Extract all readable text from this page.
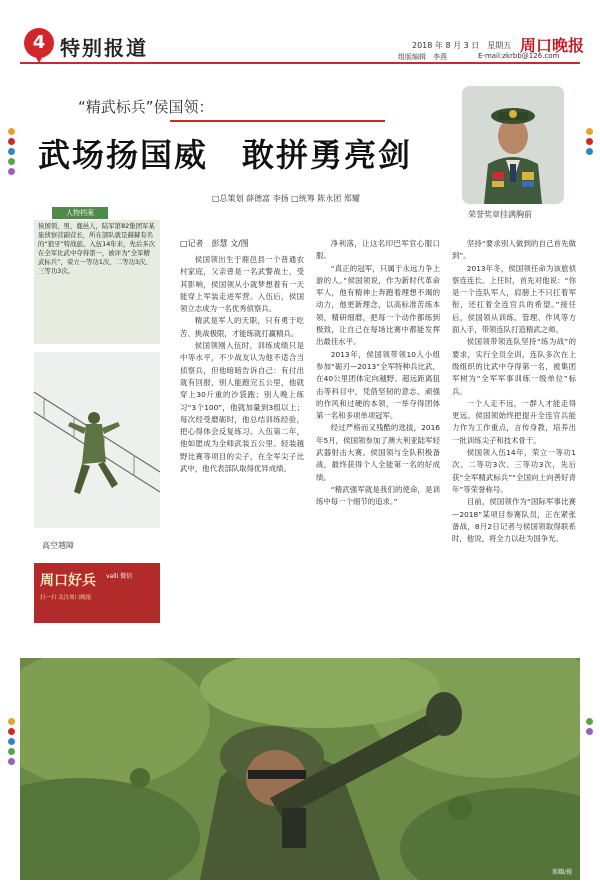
4 特别报道	2018 年 8 月 3 日　星期五 周口晚报
组版编辑　李燕	E-mail:zkrbb@126.com
“精武标兵”侯国领：
武场扬国威　敢拼勇亮剑
□总策划 薛德富 李扬 □统筹 陈永团 郑耀
荣誉奖章挂满胸前
人物档案
侯国领，男，鹿邑人，陆军第82集团军某旅侦察营副营长，所在部队就是赫赫有名的“狼牙”特战旅。入伍14年来，先后多次在全军比武中夺得第一，被评为“全军精武标兵”，荣立一等功1次、二等功3次、三等功3次。
高空越障
周口好兵 valli 微信
扫一扫 关注周口晚报
□记者　彭慧 文/图

侯国领出生于鹿邑县一个普通农村家庭，父亲曾是一名武警战士，受其影响，侯国领从小就梦想着有一天能穿上军装走进军营。入伍后，侯国领立志成为一名优秀侦察兵。

精武是军人的天职，只有勇于吃苦、挑战极限，才能练就打赢精兵。

侯国领刚入伍时，训练成绩只是中等水平，不少战友认为他不适合当侦察兵，但他暗暗告诉自己：有付出就有回报，别人能跑完五公里，他就穿上30斤重的沙袋跑；别人晚上练习“3个100”，他就加量到3组以上；每次经受磨砺时，他总结训练经验，把心得体会反复练习。入伍第二年，他如愿成为全师武装五公里、轻装越野比赛等项目的尖子，在全军尖子比武中，他代表部队取得优异成绩。

净利落，让这名印巴军官心服口服。

“真正的冠军，只属于永远力争上游的人。”侯国领说，作为新时代革命军人，他有精神上奔跑着理想不竭的动力，他更新理念，以高标准苦练本领，精研细磨，把每一个动作都练到极致，让自己在每场比赛中都能发挥出最佳水平。

2013年，侯国领带领10人小组参加“砺刃—2013”全军特种兵比武，在40公里团体定向越野、超远距离狙击等科目中，凭借坚韧的意志、顽强的作风和过硬的本领，一举夺得团体第一名和多项单项冠军。

经过严格而又残酷的选拔，2016年5月，侯国领参加了澳大利亚陆军轻武器射击大赛。侯国领与全队积极备战，最终获得个人全能第一名的好成绩。

“精武强军就是我们的使命，是训练中每一个细节的追求。”

坚持“要求别人做到的自己首先做到”。

2013年冬，侯国领任命为该旅侦察连连长。上任时，首先对他说：“你是一个连队军人，肩膀上不只扛着军衔，还扛着全连官兵的希望。”接任后，侯国领从训练、管理、作风等方面入手，带领连队打造精武之师。

侯国领带领连队坚持“练为战”的要求，实行全员全训，连队多次在上级组织的比武中夺得第一名，被集团军树为“全军军事训练一级单位”标兵。

一个人走不远，一群人才能走得更远。侯国领始终把提升全连官兵能力作为工作重点，言传身教，培养出一批训练尖子和技术骨干。

侯国领入伍14年，荣立一等功1次、二等功3次、三等功3次，先后获“全军精武标兵”“全国向上向善好青年”等荣誉称号。

目前，侯国领作为“国际军事比赛—2018”某项目参赛队员，正在紧张备战，8月2日记者与侯国领取得联系时，他说，将全力以赴为国争光。

郑耀/摄
